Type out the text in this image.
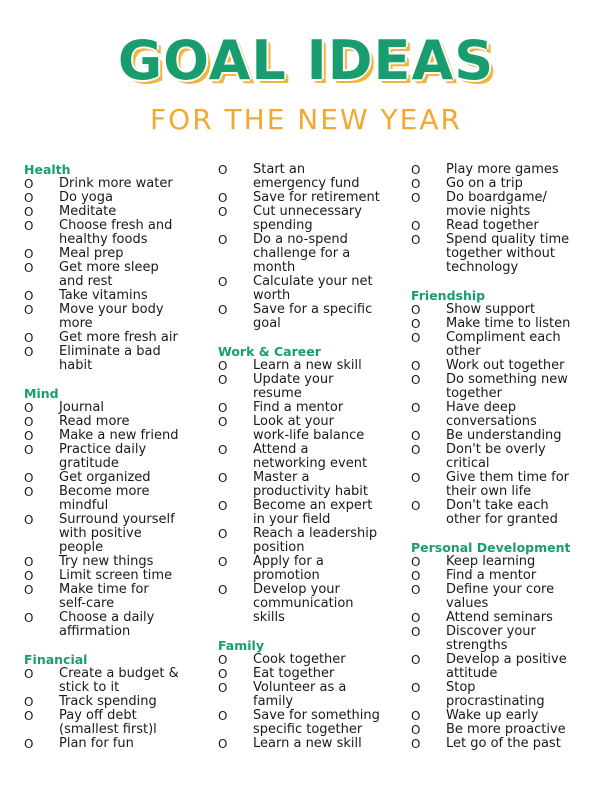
GOAL IDEAS
FOR THE NEW YEAR
Health
O	Drink more water
O	Do yoga
O	Meditate
O	Choose fresh and
healthy foods
O	Meal prep
O	Get more sleep
and rest
O	Take vitamins
O	Move your body
more
O	Get more fresh air
O	Eliminate a bad
habit
Mind
O	Journal
O	Read more
O	Make a new friend
O	Practice daily
gratitude
O	Get organized
O	Become more
mindful
O	Surround yourself
with positive
people
O	Try new things
O	Limit screen time
O	Make time for
self-care
O	Choose a daily
affirmation
Financial
O	Create a budget &
stick to it
O	Track spending
O	Pay off debt
(smallest first)l
O	Plan for fun
O	Start an
emergency fund
O	Save for retirement
O	Cut unnecessary
spending
O	Do a no-spend
challenge for a
month
O	Calculate your net
worth
O	Save for a specific
goal
Work & Career
O	Learn a new skill
O	Update your
resume
O	Find a mentor
O	Look at your
work-life balance
O	Attend a
networking event
O	Master a
productivity habit
O	Become an expert
in your field
O	Reach a leadership
position
O	Apply for a
promotion
O	Develop your
communication
skills
Family
O	Cook together
O	Eat together
O	Volunteer as a
family
O	Save for something
specific together
O	Learn a new skill
O	Play more games
O	Go on a trip
O	Do boardgame/
movie nights
O	Read together
O	Spend quality time
together without
technology
Friendship
O	Show support
O	Make time to listen
O	Compliment each
other
O	Work out together
O	Do something new
together
O	Have deep
conversations
O	Be understanding
O	Don't be overly
critical
O	Give them time for
their own life
O	Don't take each
other for granted
Personal Development
O	Keep learning
O	Find a mentor
O	Define your core
values
O	Attend seminars
O	Discover your
strengths
O	Develop a positive
attitude
O	Stop
procrastinating
O	Wake up early
O	Be more proactive
O	Let go of the past
